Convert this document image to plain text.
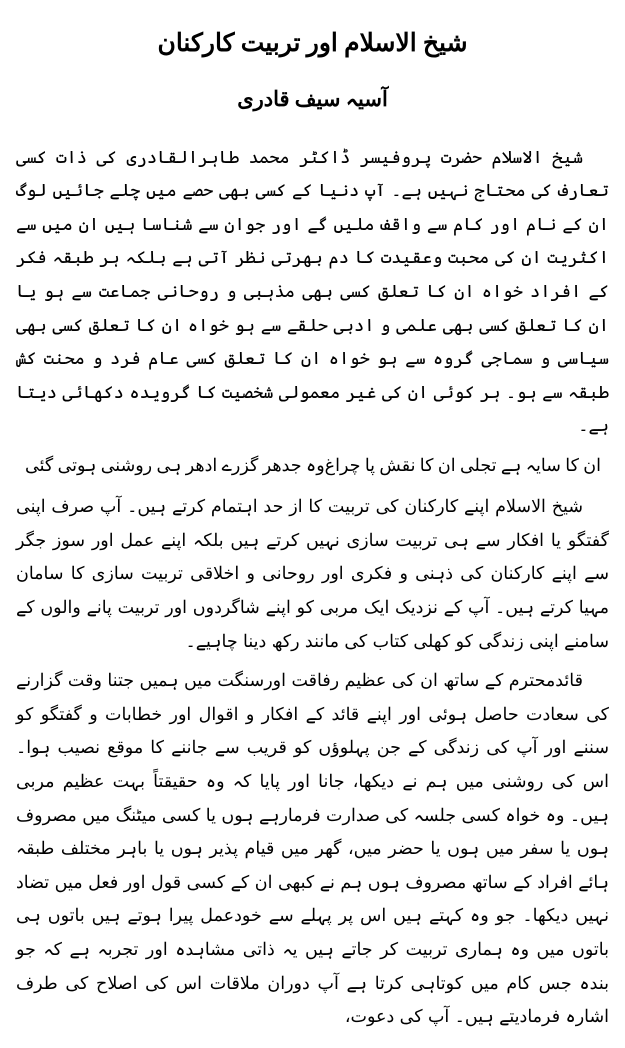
شیخ الاسلام اور تربیت کارکنان
آسیہ سیف قادری

شیخ الاسلام حضرت پروفیسر ڈاکٹر محمد طاہرالقادری کی ذات کسی تعارف کی محتاج نہیں ہے۔ آپ دنیا کے کسی بھی حصے میں چلے جائیں لوگ ان کے نام اور کام سے واقف ملیں گے اور جوان سے شناسا ہیں ان میں سے اکثریت ان کی محبت وعقیدت کا دم بھرتی نظر آتی ہے بلکہ ہر طبقہ فکر کے افراد خواہ ان کا تعلق کسی بھی مذہبی و روحانی جماعت سے ہو یا ان کا تعلق کسی بھی علمی و ادبی حلقے سے ہو خواہ ان کا تعلق کسی بھی سیاسی و سماجی گروہ سے ہو خواہ ان کا تعلق کسی عام فرد و محنت کش طبقہ سے ہو۔ ہر کوئی ان کی غیر معمولی شخصیت کا گرویدہ دکھائی دیتا ہے۔

ان کا سایہ ہے تجلی ان کا نقش پا چراغ
وہ جدھر گزرے ادھر ہی روشنی ہوتی گئی

شیخ الاسلام اپنے کارکنان کی تربیت کا از حد اہتمام کرتے ہیں۔ آپ صرف اپنی گفتگو یا افکار سے ہی تربیت سازی نہیں کرتے ہیں بلکہ اپنے عمل اور سوز جگر سے اپنے کارکنان کی ذہنی و فکری اور روحانی و اخلاقی تربیت سازی کا سامان مہیا کرتے ہیں۔ آپ کے نزدیک ایک مربی کو اپنے شاگردوں اور تربیت پانے والوں کے سامنے اپنی زندگی کو کھلی کتاب کی مانند رکھ دینا چاہیے۔

قائدمحترم کے ساتھ ان کی عظیم رفاقت اورسنگت میں ہمیں جتنا وقت گزارنے کی سعادت حاصل ہوئی اور اپنے قائد کے افکار و اقوال اور خطابات و گفتگو کو سننے اور آپ کی زندگی کے جن پہلوؤں کو قریب سے جاننے کا موقع نصیب ہوا۔ اس کی روشنی میں ہم نے دیکھا، جانا اور پایا کہ وہ حقیقتاً بہت عظیم مربی ہیں۔ وہ خواہ کسی جلسہ کی صدارت فرمارہے ہوں یا کسی میٹنگ میں مصروف ہوں یا سفر میں ہوں یا حضر میں، گھر میں قیام پذیر ہوں یا باہر مختلف طبقہ ہائے افراد کے ساتھ مصروف ہوں ہم نے کبھی ان کے کسی قول اور فعل میں تضاد نہیں دیکھا۔ جو وہ کہتے ہیں اس پر پہلے سے خودعمل پیرا ہوتے ہیں باتوں ہی باتوں میں وہ ہماری تربیت کر جاتے ہیں یہ ذاتی مشاہدہ اور تجربہ ہے کہ جو بندہ جس کام میں کوتاہی کرتا ہے آپ دوران ملاقات اس کی اصلاح کی طرف اشارہ فرمادیتے ہیں۔ آپ کی دعوت،
